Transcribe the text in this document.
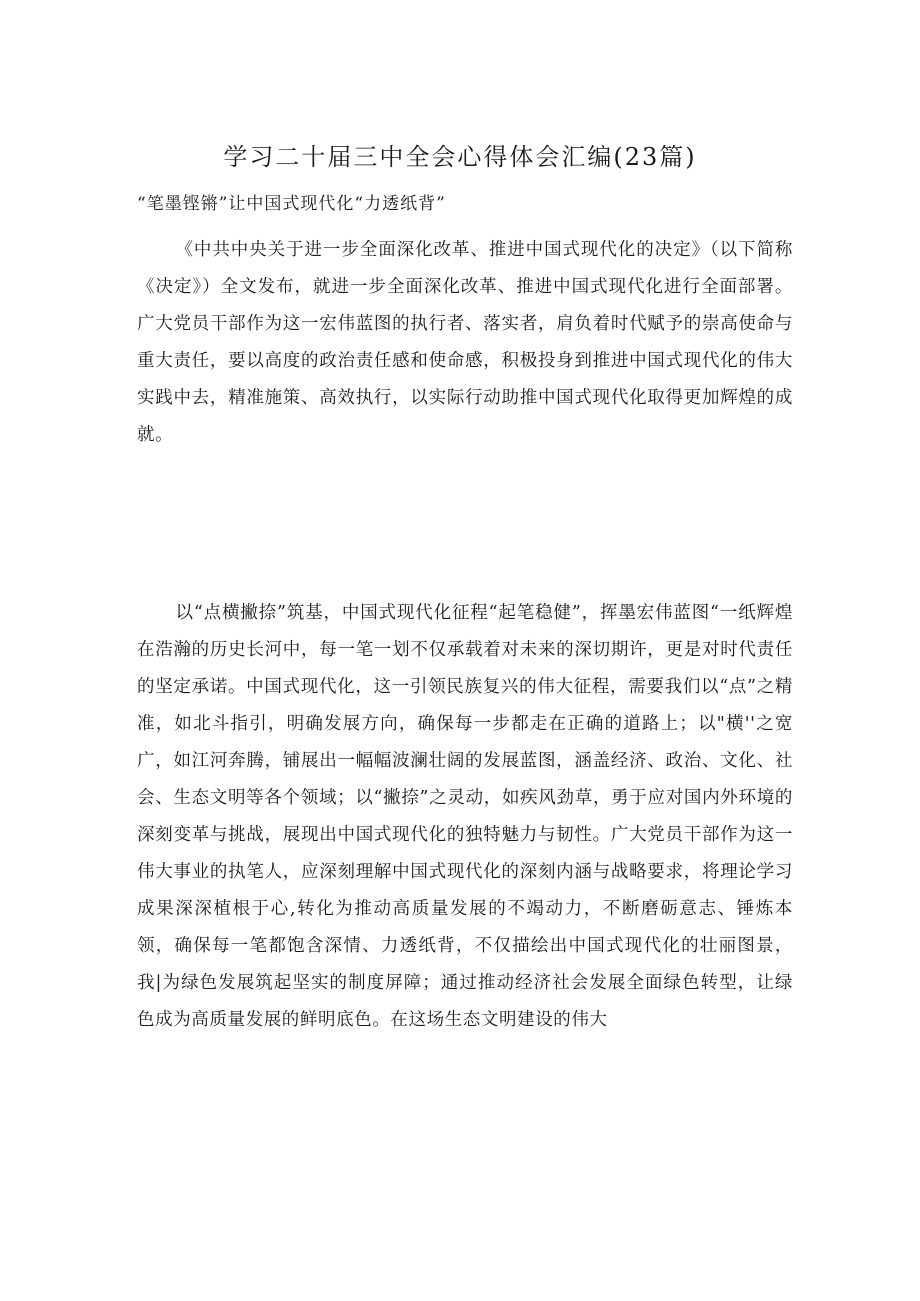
学习二十届三中全会心得体会汇编(23篇)

“笔墨铿锵”让中国式现代化“力透纸背”

《中共中央关于进一步全面深化改革、推进中国式现代化的决定》（以下简称《决定》）全文发布，就进一步全面深化改革、推进中国式现代化进行全面部署。广大党员干部作为这一宏伟蓝图的执行者、落实者，肩负着时代赋予的崇高使命与重大责任，要以高度的政治责任感和使命感，积极投身到推进中国式现代化的伟大实践中去，精准施策、高效执行，以实际行动助推中国式现代化取得更加辉煌的成就。

以“点横撇捺”筑基，中国式现代化征程“起笔稳健”，挥墨宏伟蓝图“一纸辉煌在浩瀚的历史长河中，每一笔一划不仅承载着对未来的深切期许，更是对时代责任的坚定承诺。中国式现代化，这一引领民族复兴的伟大征程，需要我们以“点”之精准，如北斗指引，明确发展方向，确保每一步都走在正确的道路上；以"横''之宽广，如江河奔腾，铺展出一幅幅波澜壮阔的发展蓝图，涵盖经济、政治、文化、社会、生态文明等各个领域；以“撇捺”之灵动，如疾风劲草，勇于应对国内外环境的深刻变革与挑战，展现出中国式现代化的独特魅力与韧性。广大党员干部作为这一伟大事业的执笔人，应深刻理解中国式现代化的深刻内涵与战略要求，将理论学习成果深深植根于心,转化为推动高质量发展的不竭动力，不断磨砺意志、锤炼本领，确保每一笔都饱含深情、力透纸背，不仅描绘出中国式现代化的壮丽图景，我|为绿色发展筑起坚实的制度屏障；通过推动经济社会发展全面绿色转型，让绿色成为高质量发展的鲜明底色。在这场生态文明建设的伟大
